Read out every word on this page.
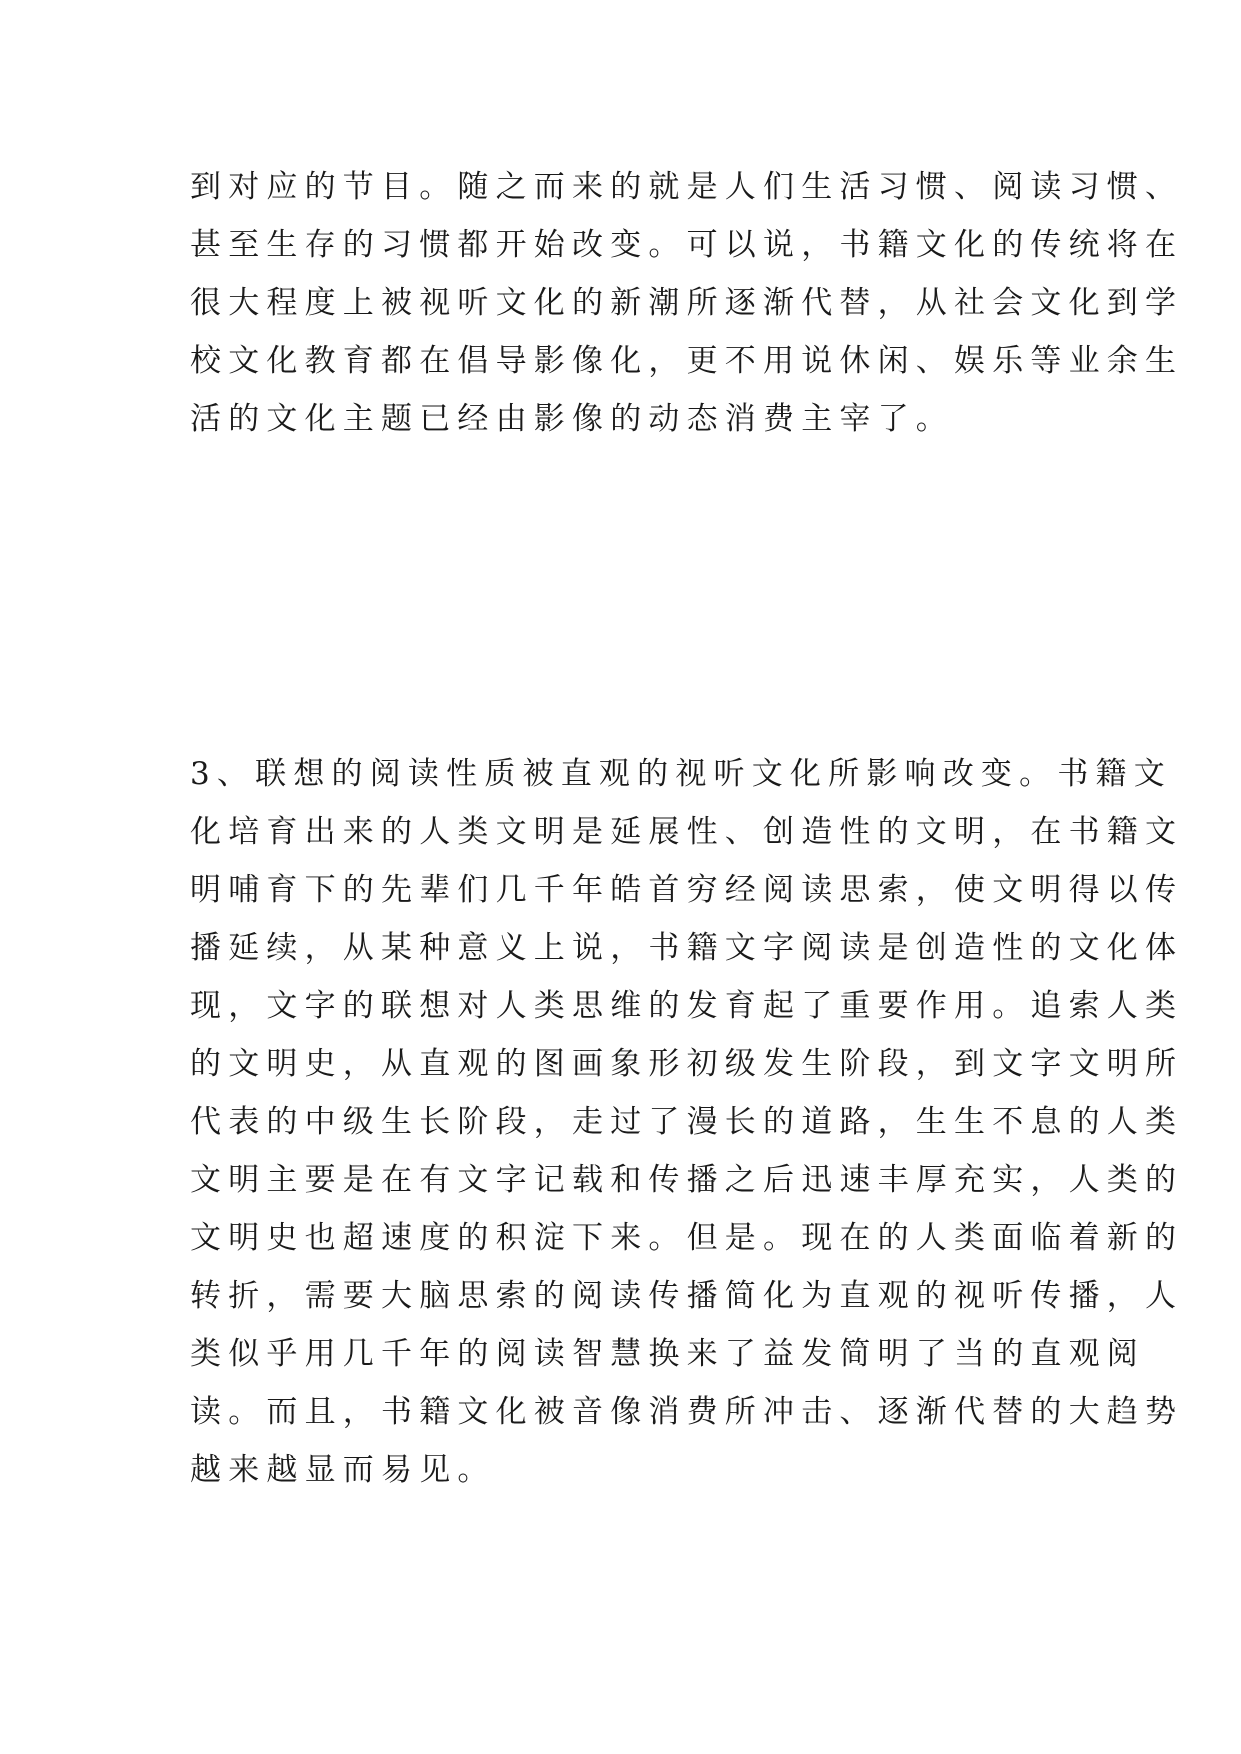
到对应的节目。随之而来的就是人们生活习惯、阅读习惯、
甚至生存的习惯都开始改变。可以说，书籍文化的传统将在
很大程度上被视听文化的新潮所逐渐代替，从社会文化到学
校文化教育都在倡导影像化，更不用说休闲、娱乐等业余生
活的文化主题已经由影像的动态消费主宰了。

3、联想的阅读性质被直观的视听文化所影响改变。书籍文
化培育出来的人类文明是延展性、创造性的文明，在书籍文
明哺育下的先辈们几千年皓首穷经阅读思索，使文明得以传
播延续，从某种意义上说，书籍文字阅读是创造性的文化体
现，文字的联想对人类思维的发育起了重要作用。追索人类
的文明史，从直观的图画象形初级发生阶段，到文字文明所
代表的中级生长阶段，走过了漫长的道路，生生不息的人类
文明主要是在有文字记载和传播之后迅速丰厚充实，人类的
文明史也超速度的积淀下来。但是。现在的人类面临着新的
转折，需要大脑思索的阅读传播简化为直观的视听传播，人
类似乎用几千年的阅读智慧换来了益发简明了当的直观阅
读。而且，书籍文化被音像消费所冲击、逐渐代替的大趋势
越来越显而易见。
